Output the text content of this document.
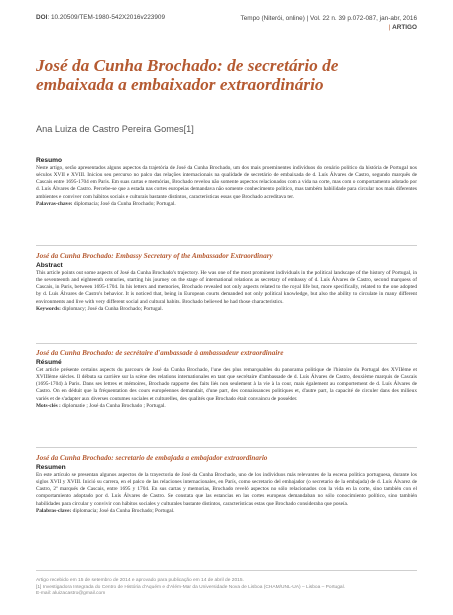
DOI: 10.20509/TEM-1980-542X2016v223909	Tempo (Niterói, online) | Vol. 22 n. 39 p.072-087, jan-abr, 2016
| ARTIGO
José da Cunha Brochado: de secretário de
embaixada a embaixador extraordinário
Ana Luiza de Castro Pereira Gomes[1]
Resumo

Neste artigo, serão apresentados alguns aspectos da trajetória de José da Cunha Brochado, um dos mais proeminentes indivíduos do cenário político da história de Portugal nos séculos XVII e XVIII. Iniciou seu percurso no palco das relações internacionais na qualidade de secretário de embaixada de d. Luís Álvares de Castro, segundo marquês de Cascais entre 1695-1704 em Paris. Em suas cartas e memórias, Brochado revelou não somente aspectos relacionados com a vida na corte, mas com o comportamento adotado por d. Luís Álvares de Castro. Percebe-se que a estada nas cortes europeias demandava não somente conhecimento político, mas também habilidade para circular nos mais diferentes ambientes e conviver com hábitos sociais e culturais bastante distintos, características essas que Brochado acreditava ter.

Palavras-chave: diplomacia; José da Cunha Brochado; Portugal.

José da Cunha Brochado: Embassy Secretary of the Ambassador Extraordinary
Abstract

This article points out some aspects of José da Cunha Brochado's trajectory. He was one of the most prominent individuals in the political landscape of the history of Portugal, in the seventeenth and eighteenth centuries, starting his journey on the stage of international relations as secretary of embassy of d. Luís Álvares de Castro, second marquess of Cascais, in Paris, between 1695-1704. In his letters and memories, Brochado revealed not only aspects related to the royal life but, more specifically, related to the one adopted by d. Luís Álvares de Castro's behavior. It is noticed that, being in European courts demanded not only political knowledge, but also the ability to circulate in many different environments and live with very different social and cultural habits. Brochado believed he had those characteristics.

Keywords: diplomacy; José da Cunha Brochado; Portugal.

José da Cunha Brochado: de secrétaire d'ambassade à ambassadeur extraordinaire
Résumé

Cet article présente certains aspects du parcours de José da Cunha Brochado, l'une des plus remarquables du panorama politique de l'histoire du Portugal des XVIIème et XVIIIème siècles. Il débuta sa carrière sur la scène des relations internationales en tant que secrétaire d'ambassade de d. Luís Álvares de Castro, deuxième marquis de Cascais (1695-1704) à Paris. Dans ses lettres et mémoires, Brochado rapporte des faits liés non seulement à la vie à la cour, mais également au comportement de d. Luís Álvares de Castro. On en déduit que la fréquentation des cours européennes demandait, d'une part, des connaissances politiques et, d'autre part, la capacité de circuler dans des milieux variés et de s'adapter aux diverses coutumes sociales et culturelles, des qualités que Brochado était convaincu de posséder.

Mots-clés : diplomatie ; José da Cunha Brochado ; Portugal.

José da Cunha Brochado: secretario de embajada a embajador extraordinario
Resumen

En este artículo se presentan algunos aspectos de la trayectoria de José da Cunha Brochado, uno de los individuos más relevantes de la escena política portuguesa, durante los siglos XVII y XVIII. Inició su carrera, en el palco de las relaciones internacionales, en París, como secretario del embajador (o secretario de la embajada) de d. Luís Álvarez de Castro, 2º marqués de Cascais, entre 1695 y 1704. En sus cartas y memorias, Brochado reveló aspectos no sólo relacionados con la vida en la corte, sino también con el comportamiento adoptado por d. Luís Álvares de Castro. Se constata que las estancias en las cortes europeas demandaban no sólo conocimiento político, sino también habilidades para circular y convivir con hábitos sociales y culturales bastante distintos, características estas que Brochado consideraba que poseía.

Palabras-clave: diplomacia; José da Cunha Brochado; Portugal.

Artigo recebido em 15 de setembro de 2014 e aprovado para publicação em 14 de abril de 2015.

[1] Investigadora Integrada do Centro de História d'Aquém e d'Além-Mar da Universidade Nova de Lisboa (CHAM/UNL-UA) – Lisboa – Portugal.

E-mail: aluizacastro@gmail.com
